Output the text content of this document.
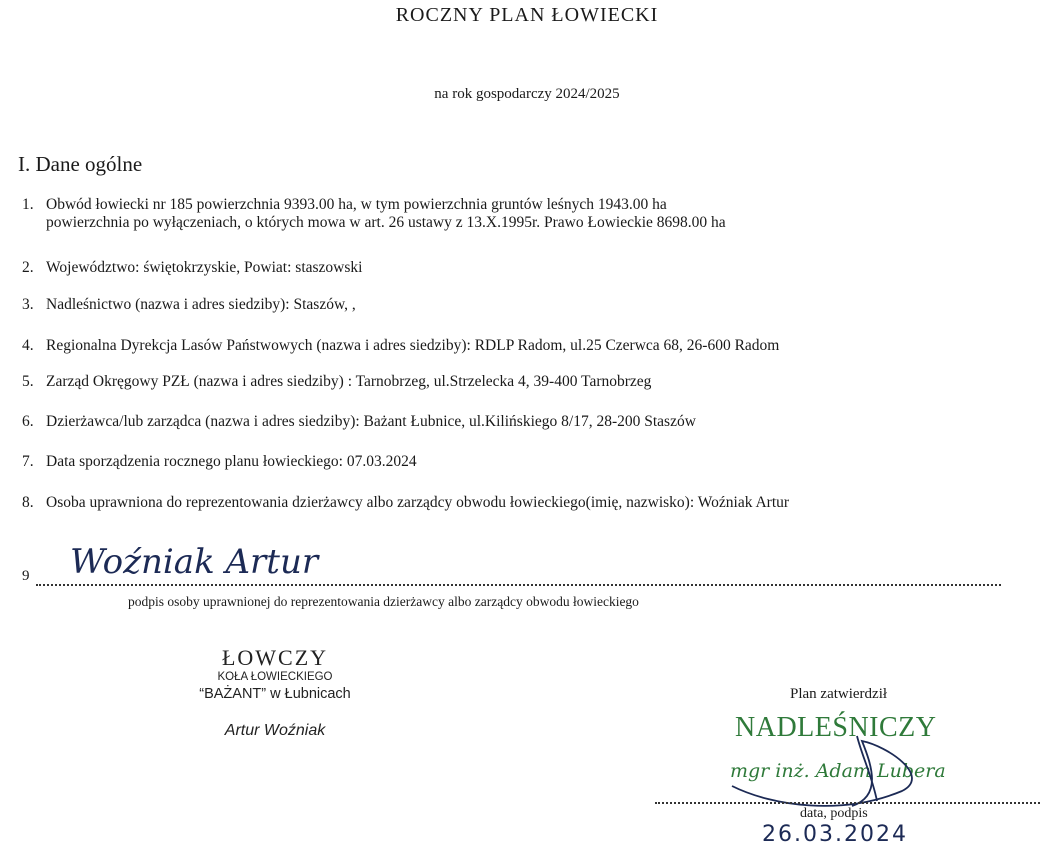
ROCZNY PLAN ŁOWIECKI
na rok gospodarczy 2024/2025
I. Dane ogólne
1. Obwód łowiecki nr 185 powierzchnia 9393.00 ha, w tym powierzchnia gruntów leśnych 1943.00 ha
powierzchnia po wyłączeniach, o których mowa w art. 26 ustawy z 13.X.1995r. Prawo Łowieckie 8698.00 ha
2. Województwo: świętokrzyskie, Powiat: staszowski
3. Nadleśnictwo (nazwa i adres siedziby): Staszów, ,
4. Regionalna Dyrekcja Lasów Państwowych (nazwa i adres siedziby): RDLP Radom, ul.25 Czerwca 68, 26-600 Radom
5. Zarząd Okręgowy PZŁ (nazwa i adres siedziby) : Tarnobrzeg, ul.Strzelecka 4, 39-400 Tarnobrzeg
6. Dzierżawca/lub zarządca (nazwa i adres siedziby): Bażant Łubnice, ul.Kilińskiego 8/17, 28-200 Staszów
7. Data sporządzenia rocznego planu łowieckiego: 07.03.2024
8. Osoba uprawniona do reprezentowania dzierżawcy albo zarządcy obwodu łowieckiego(imię, nazwisko): Woźniak Artur
9 Woźniak Artur
podpis osoby uprawnionej do reprezentowania dzierżawcy albo zarządcy obwodu łowieckiego
ŁOWCZY
KOŁA ŁOWIECKIEGO
“BAŻANT” w Łubnicach
Artur Woźniak
Plan zatwierdził
NADLEŚNICZY
mgr inż. Adam Lubera
data, podpis
26.03.2024
